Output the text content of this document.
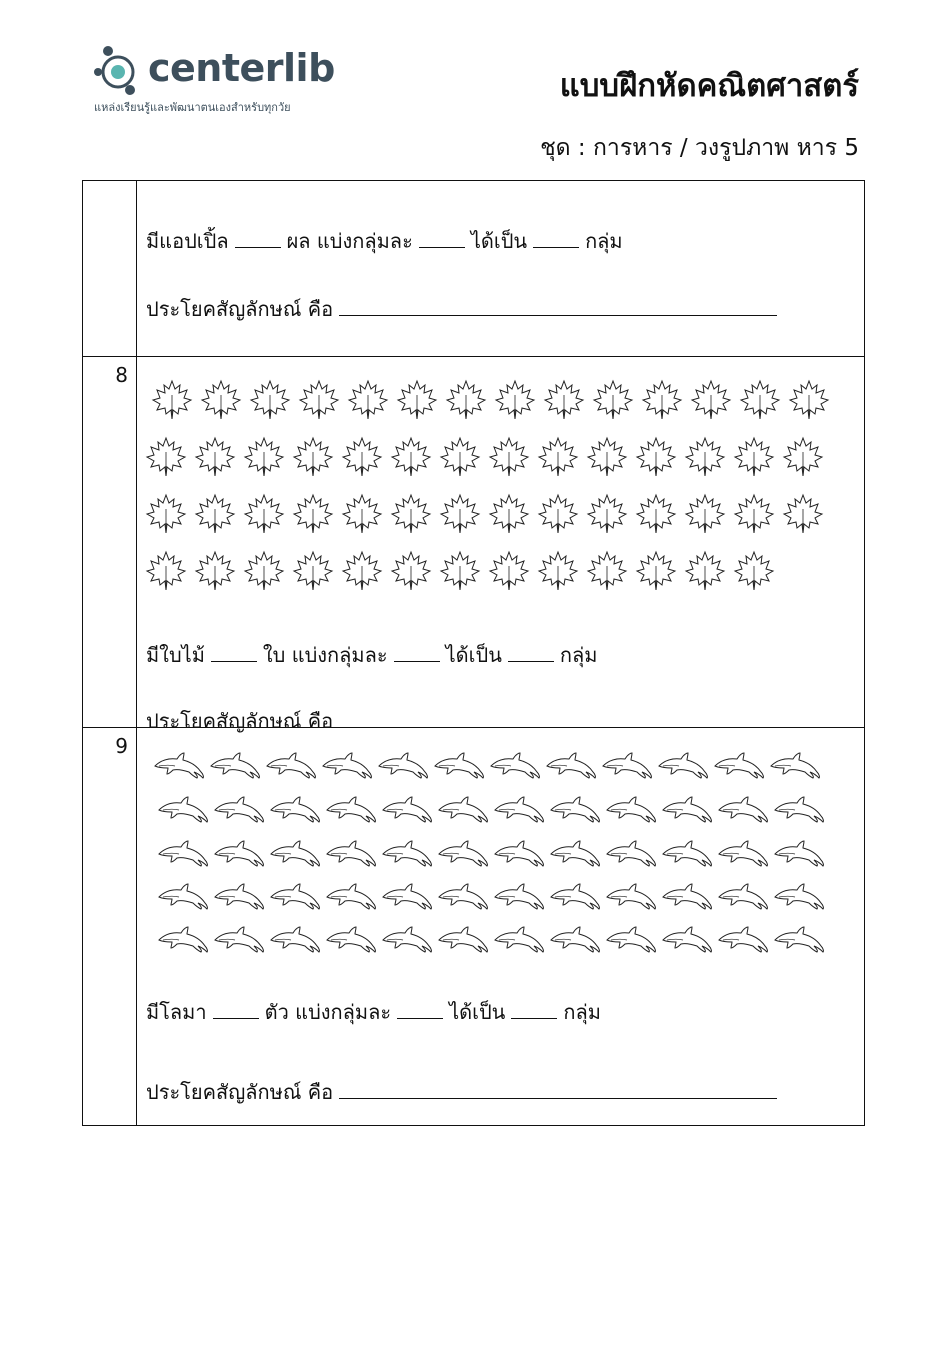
centerlib
แหล่งเรียนรู้และพัฒนาตนเองสำหรับทุกวัย
แบบฝึกหัดคณิตศาสตร์
ชุด : การหาร / วงรูปภาพ หาร 5

	มีแอปเปิ้ล ผล แบ่งกลุ่มละ ได้เป็น กลุ่ม
ประโยคสัญลักษณ์ คือ

8	มีใบไม้ ใบ แบ่งกลุ่มละ ได้เป็น กลุ่ม
ประโยคสัญลักษณ์ คือ

9	มีโลมา ตัว แบ่งกลุ่มละ ได้เป็น กลุ่ม
ประโยคสัญลักษณ์ คือ
